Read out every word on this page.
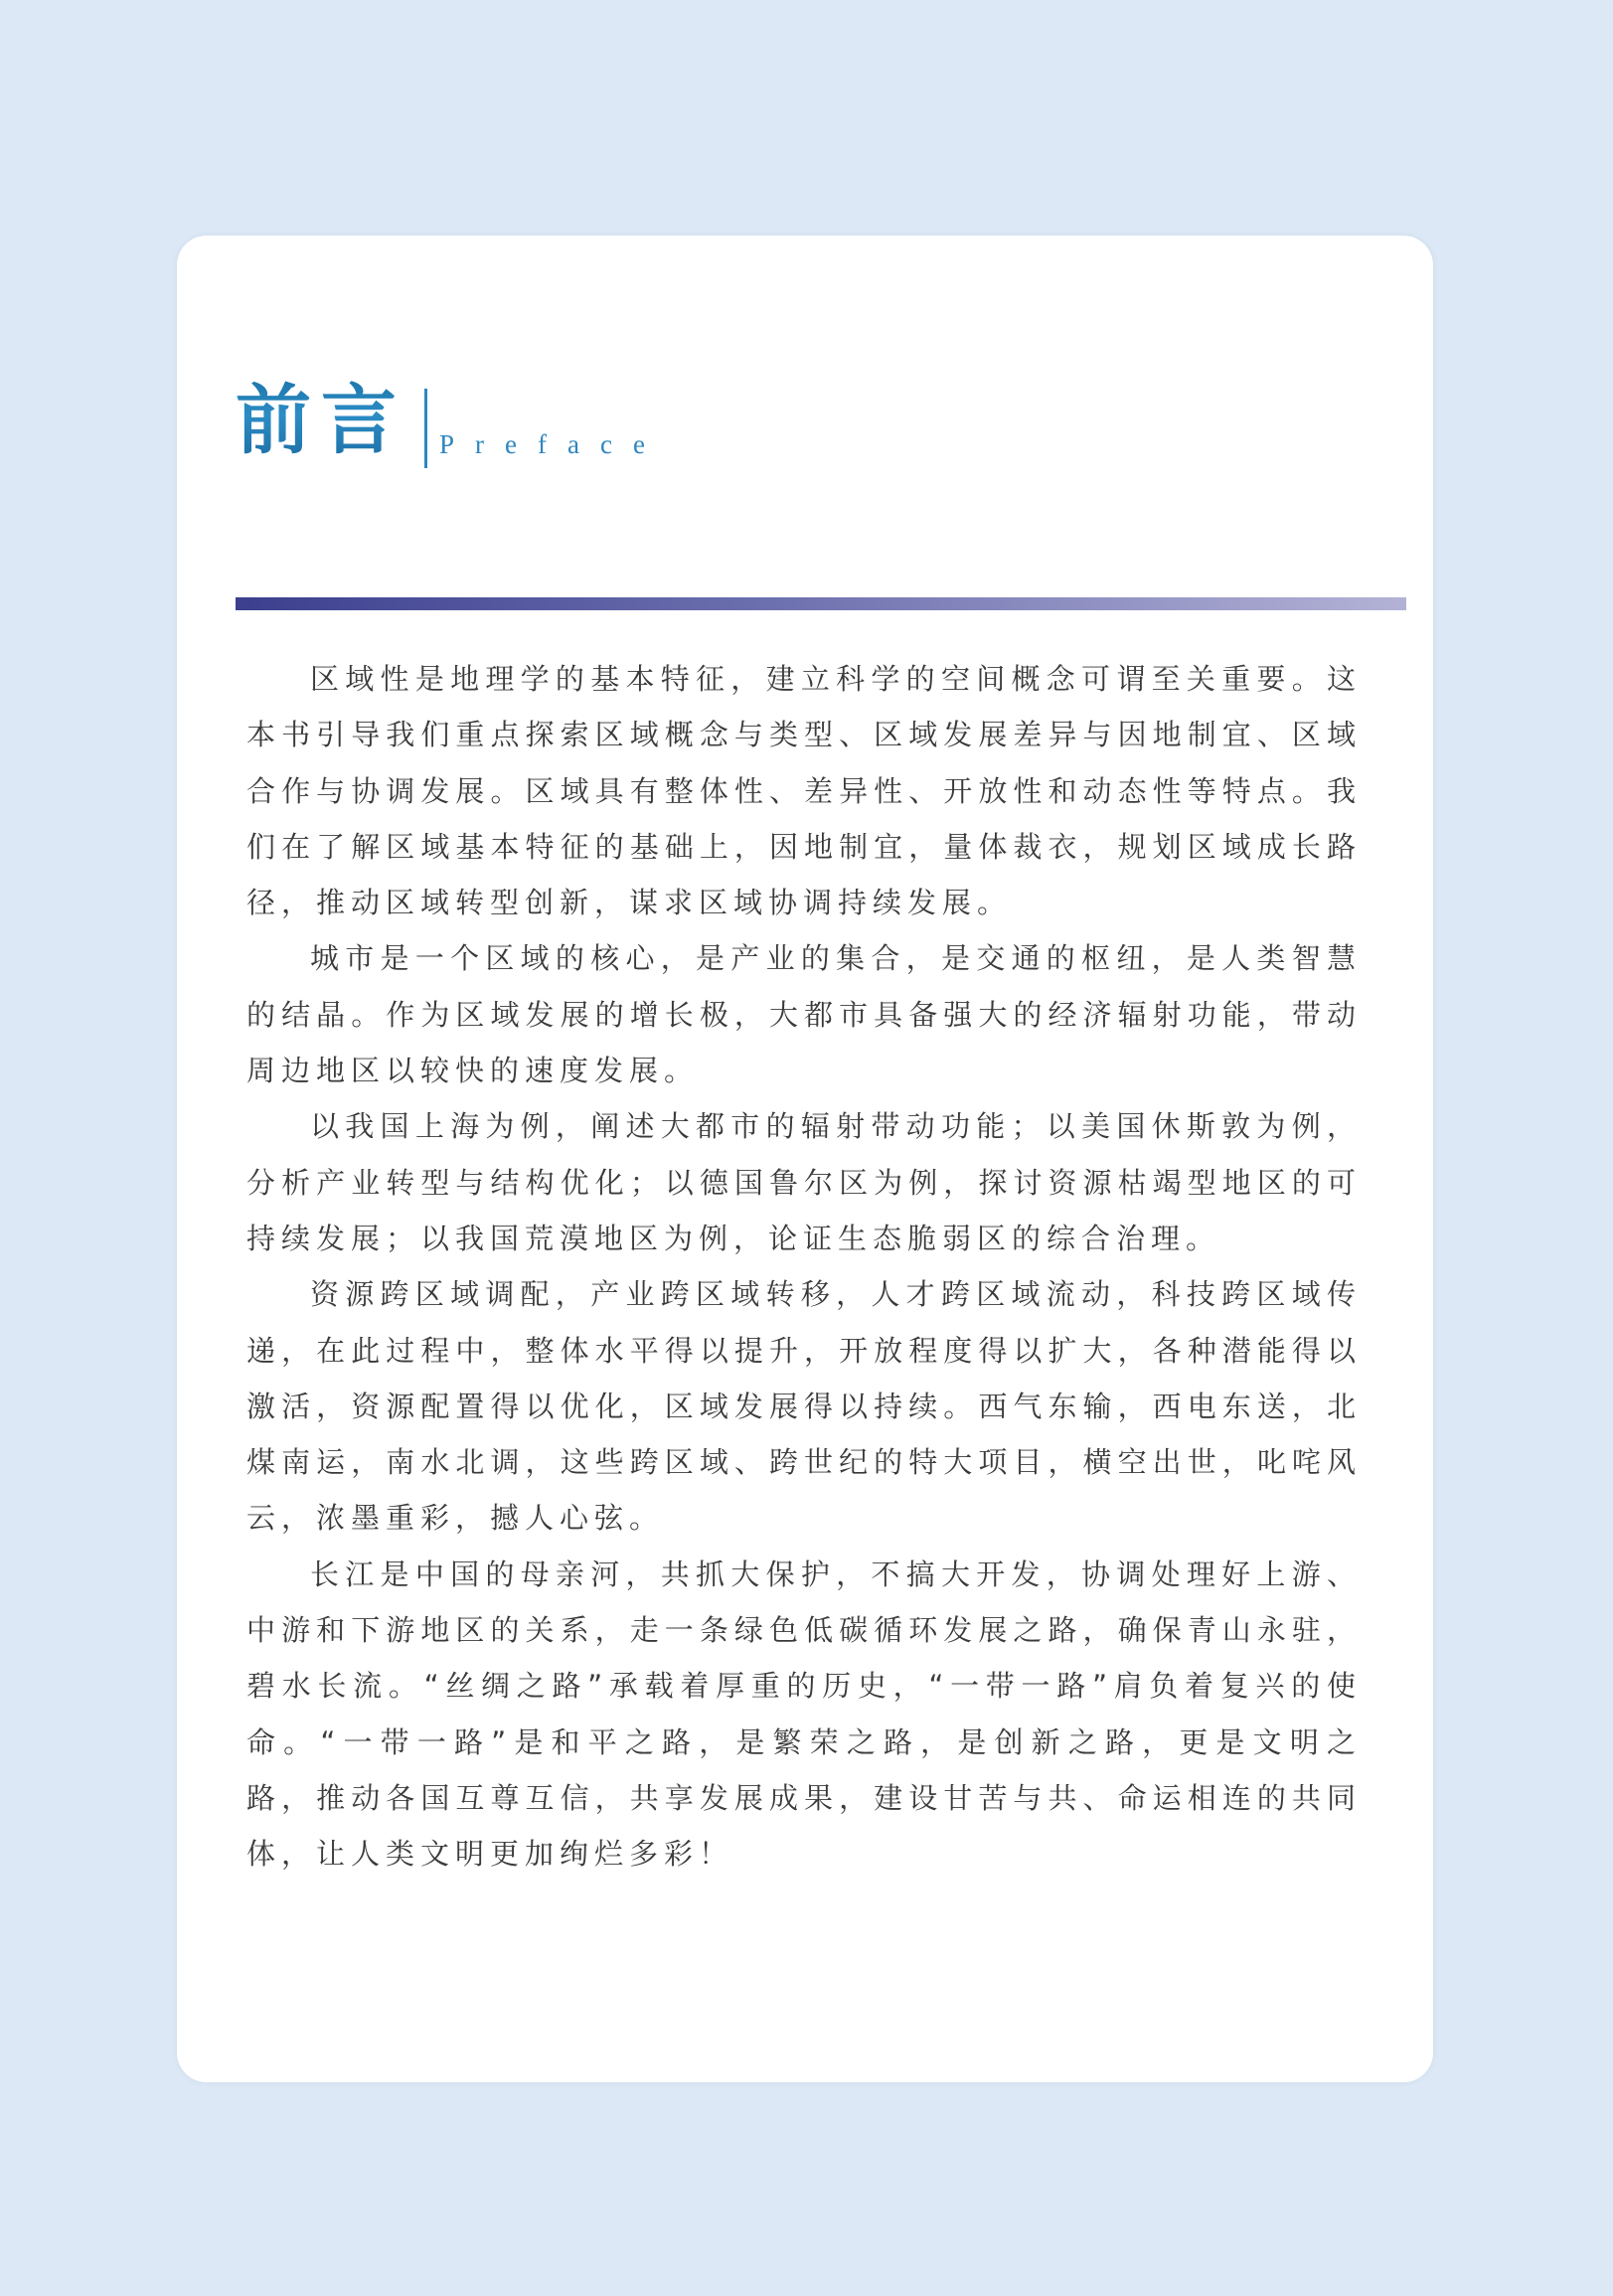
前言 Preface

区域性是地理学的基本特征，建立科学的空间概念可谓至关重要。这本书引导我们重点探索区域概念与类型、区域发展差异与因地制宜、区域合作与协调发展。区域具有整体性、差异性、开放性和动态性等特点。我们在了解区域基本特征的基础上，因地制宜，量体裁衣，规划区域成长路径，推动区域转型创新，谋求区域协调持续发展。

城市是一个区域的核心，是产业的集合，是交通的枢纽，是人类智慧的结晶。作为区域发展的增长极，大都市具备强大的经济辐射功能，带动周边地区以较快的速度发展。

以我国上海为例，阐述大都市的辐射带动功能；以美国休斯敦为例，分析产业转型与结构优化；以德国鲁尔区为例，探讨资源枯竭型地区的可持续发展；以我国荒漠地区为例，论证生态脆弱区的综合治理。

资源跨区域调配，产业跨区域转移，人才跨区域流动，科技跨区域传递，在此过程中，整体水平得以提升，开放程度得以扩大，各种潜能得以激活，资源配置得以优化，区域发展得以持续。西气东输，西电东送，北煤南运，南水北调，这些跨区域、跨世纪的特大项目，横空出世，叱咤风云，浓墨重彩，撼人心弦。

长江是中国的母亲河，共抓大保护，不搞大开发，协调处理好上游、中游和下游地区的关系，走一条绿色低碳循环发展之路，确保青山永驻，碧水长流。“丝绸之路”承载着厚重的历史，“一带一路”肩负着复兴的使命。“一带一路”是和平之路，是繁荣之路，是创新之路，更是文明之路，推动各国互尊互信，共享发展成果，建设甘苦与共、命运相连的共同体，让人类文明更加绚烂多彩！
